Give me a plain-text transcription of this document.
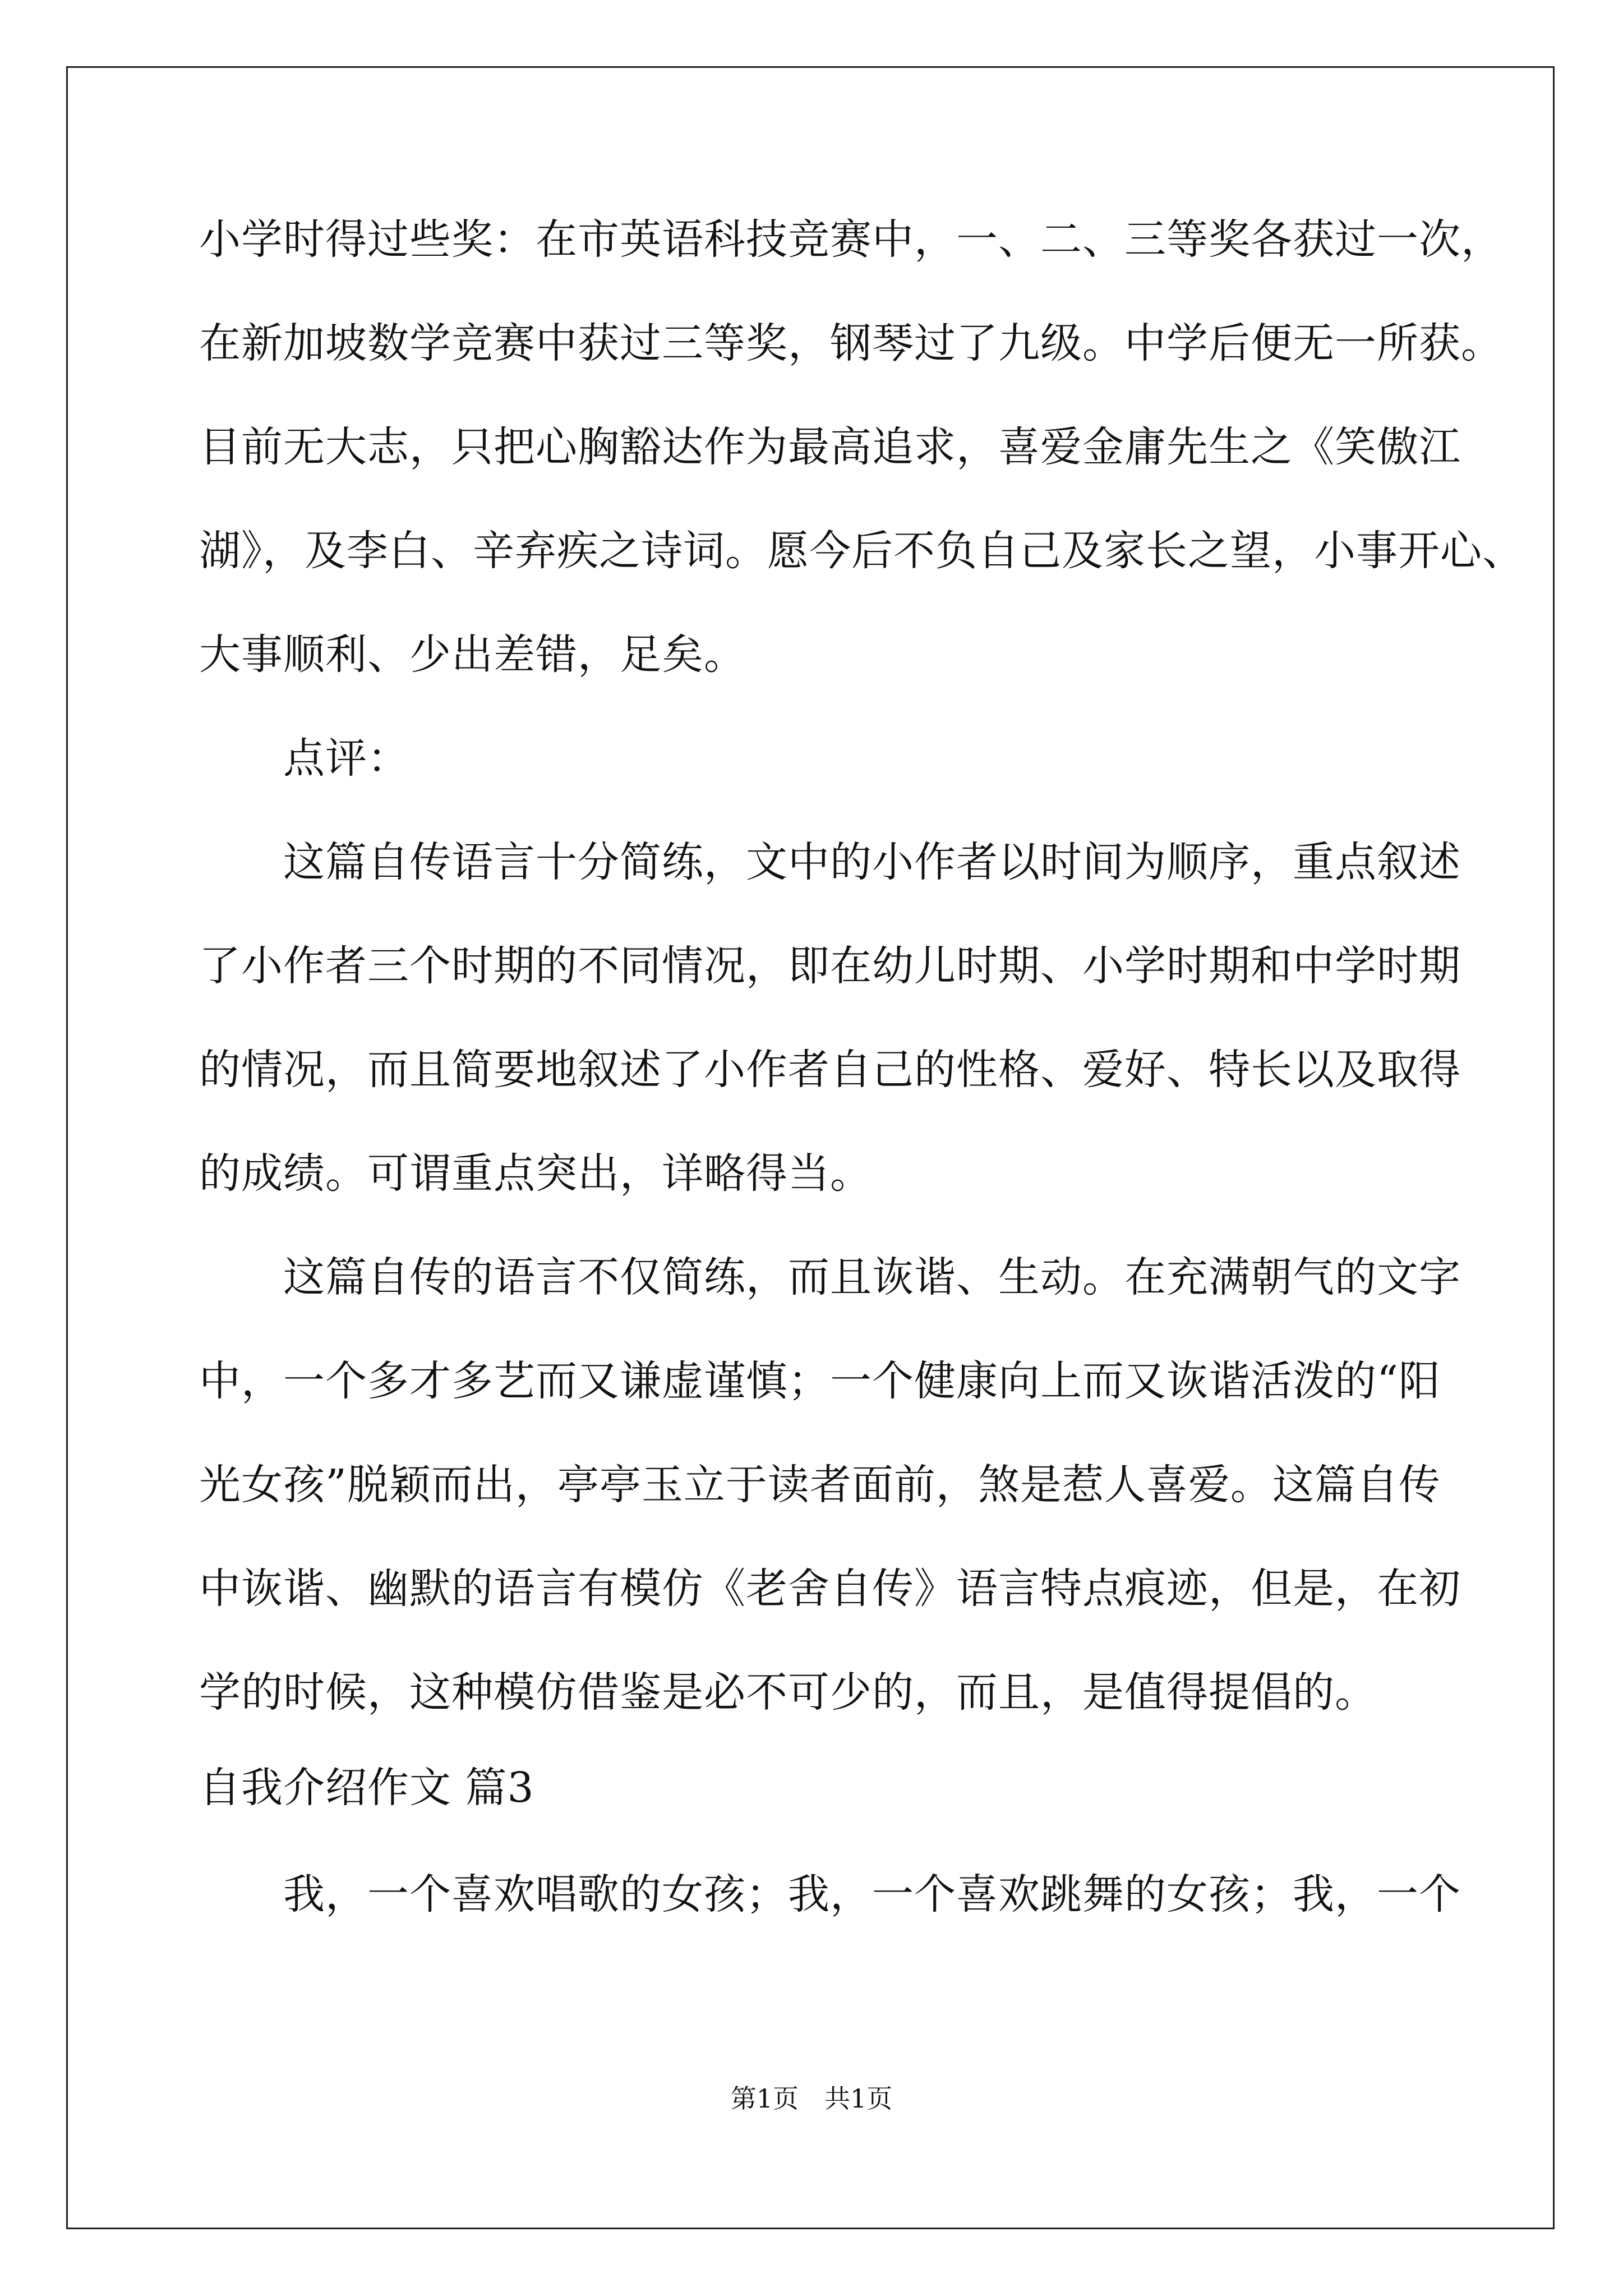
小学时得过些奖：在市英语科技竞赛中，一、二、三等奖各获过一次，
在新加坡数学竞赛中获过三等奖，钢琴过了九级。中学后便无一所获。
目前无大志，只把心胸豁达作为最高追求，喜爱金庸先生之《笑傲江
湖》，及李白、辛弃疾之诗词。愿今后不负自己及家长之望，小事开心、
大事顺利、少出差错，足矣。
　　点评：
　　这篇自传语言十分简练，文中的小作者以时间为顺序，重点叙述
了小作者三个时期的不同情况，即在幼儿时期、小学时期和中学时期
的情况，而且简要地叙述了小作者自己的性格、爱好、特长以及取得
的成绩。可谓重点突出，详略得当。
　　这篇自传的语言不仅简练，而且诙谐、生动。在充满朝气的文字
中，一个多才多艺而又谦虚谨慎；一个健康向上而又诙谐活泼的“阳
光女孩”脱颖而出，亭亭玉立于读者面前，煞是惹人喜爱。这篇自传
中诙谐、幽默的语言有模仿《老舍自传》语言特点痕迹，但是，在初
学的时候，这种模仿借鉴是必不可少的，而且，是值得提倡的。
自我介绍作文 篇3
　　我，一个喜欢唱歌的女孩；我，一个喜欢跳舞的女孩；我，一个
第1页　共1页
